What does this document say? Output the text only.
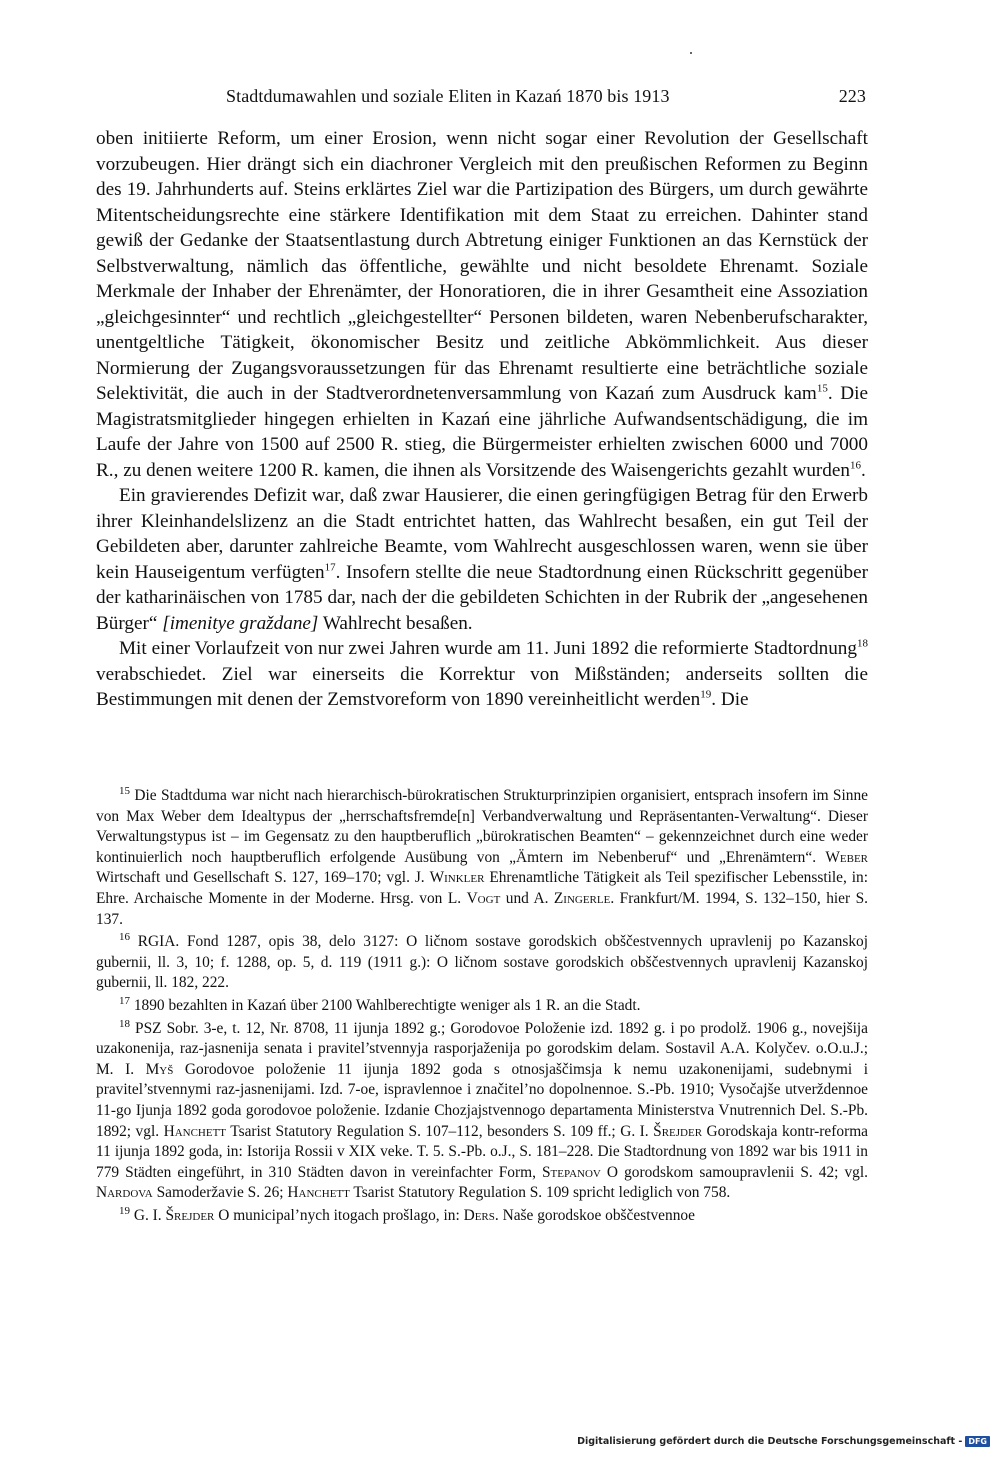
Stadtdumawahlen und soziale Eliten in Kazań 1870 bis 1913	223

oben initiierte Reform, um einer Erosion, wenn nicht sogar einer Revolution der Gesellschaft vorzubeugen. Hier drängt sich ein diachroner Vergleich mit den preußischen Reformen zu Beginn des 19. Jahrhunderts auf. Steins erklärtes Ziel war die Partizipation des Bürgers, um durch gewährte Mitentscheidungsrechte eine stärkere Identifikation mit dem Staat zu erreichen. Dahinter stand gewiß der Gedanke der Staatsentlastung durch Abtretung einiger Funktionen an das Kernstück der Selbstverwaltung, nämlich das öffentliche, gewählte und nicht besoldete Ehrenamt. Soziale Merkmale der Inhaber der Ehrenämter, der Honoratioren, die in ihrer Gesamtheit eine Assoziation „gleichgesinnter“ und rechtlich „gleichgestellter“ Personen bildeten, waren Nebenberufscharakter, unentgeltliche Tätigkeit, ökonomischer Besitz und zeitliche Abkömmlichkeit. Aus dieser Normierung der Zugangsvoraussetzungen für das Ehrenamt resultierte eine beträchtliche soziale Selektivität, die auch in der Stadtverordnetenversammlung von Kazań zum Ausdruck kam$^{15}$. Die Magistratsmitglieder hingegen erhielten in Kazań eine jährliche Aufwandsentschädigung, die im Laufe der Jahre von 1500 auf 2500 R. stieg, die Bürgermeister erhielten zwischen 6000 und 7000 R., zu denen weitere 1200 R. kamen, die ihnen als Vorsitzende des Waisengerichts gezahlt wurden$^{16}$.

Ein gravierendes Defizit war, daß zwar Hausierer, die einen geringfügigen Betrag für den Erwerb ihrer Kleinhandelslizenz an die Stadt entrichtet hatten, das Wahlrecht besaßen, ein gut Teil der Gebildeten aber, darunter zahlreiche Beamte, vom Wahlrecht ausgeschlossen waren, wenn sie über kein Hauseigentum verfügten$^{17}$. Insofern stellte die neue Stadtordnung einen Rückschritt gegenüber der katharinäischen von 1785 dar, nach der die gebildeten Schichten in der Rubrik der „angesehenen Bürger“ [imenitye graždane] Wahlrecht besaßen.

Mit einer Vorlaufzeit von nur zwei Jahren wurde am 11. Juni 1892 die reformierte Stadtordnung$^{18}$ verabschiedet. Ziel war einerseits die Korrektur von Mißständen; anderseits sollten die Bestimmungen mit denen der Zemstvoreform von 1890 vereinheitlicht werden$^{19}$. Die

$^{15}$ Die Stadtduma war nicht nach hierarchisch-bürokratischen Strukturprinzipien organisiert, entsprach insofern im Sinne von Max Weber dem Idealtypus der „herrschaftsfremde[n] Verbandverwaltung und Repräsentanten-Verwaltung“. Dieser Verwaltungstypus ist – im Gegensatz zu den hauptberuflich „bürokratischen Beamten“ – gekennzeichnet durch eine weder kontinuierlich noch hauptberuflich erfolgende Ausübung von „Ämtern im Nebenberuf“ und „Ehrenämtern“. Weber Wirtschaft und Gesellschaft S. 127, 169–170; vgl. J. Winkler Ehrenamtliche Tätigkeit als Teil spezifischer Lebensstile, in: Ehre. Archaische Momente in der Moderne. Hrsg. von L. Vogt und A. Zingerle. Frankfurt/M. 1994, S. 132–150, hier S. 137.

$^{16}$ RGIA. Fond 1287, opis 38, delo 3127: O ličnom sostave gorodskich obščestvennych upravlenij po Kazanskoj gubernii, ll. 3, 10; f. 1288, op. 5, d. 119 (1911 g.): O ličnom sostave gorodskich obščestvennych upravlenij Kazanskoj gubernii, ll. 182, 222.

$^{17}$ 1890 bezahlten in Kazań über 2100 Wahlberechtigte weniger als 1 R. an die Stadt.

$^{18}$ PSZ Sobr. 3-e, t. 12, Nr. 8708, 11 ijunja 1892 g.; Gorodovoe Položenie izd. 1892 g. i po prodolž. 1906 g., novejšija uzakonenija, raz-jasnenija senata i pravitel’stvennyja rasporjaženija po gorodskim delam. Sostavil A.A. Kolyčev. o.O.u.J.; M. I. Myš Gorodovoe položenie 11 ijunja 1892 goda s otnosjaščimsja k nemu uzakonenijami, sudebnymi i pravitel’stvennymi raz-jasnenijami. Izd. 7-oe, ispravlennoe i značitel’no dopolnennoe. S.-Pb. 1910; Vysočajše utverždennoe 11-go Ijunja 1892 goda gorodovoe položenie. Izdanie Chozjajstvennogo departamenta Ministerstva Vnutrennich Del. S.-Pb. 1892; vgl. Hanchett Tsarist Statutory Regulation S. 107–112, besonders S. 109 ff.; G. I. Šrejder Gorodskaja kontr-reforma 11 ijunja 1892 goda, in: Istorija Rossii v XIX veke. T. 5. S.-Pb. o.J., S. 181–228. Die Stadtordnung von 1892 war bis 1911 in 779 Städten eingeführt, in 310 Städten davon in vereinfachter Form, Stepanov O gorodskom samoupravlenii S. 42; vgl. Nardova Samoderžavie S. 26; Hanchett Tsarist Statutory Regulation S. 109 spricht lediglich von 758.

$^{19}$ G. I. Šrejder O municipal’nych itogach prošlago, in: Ders. Naše gorodskoe obščestvennoe

Digitalisierung gefördert durch die Deutsche Forschungsgemeinschaft - DFG
